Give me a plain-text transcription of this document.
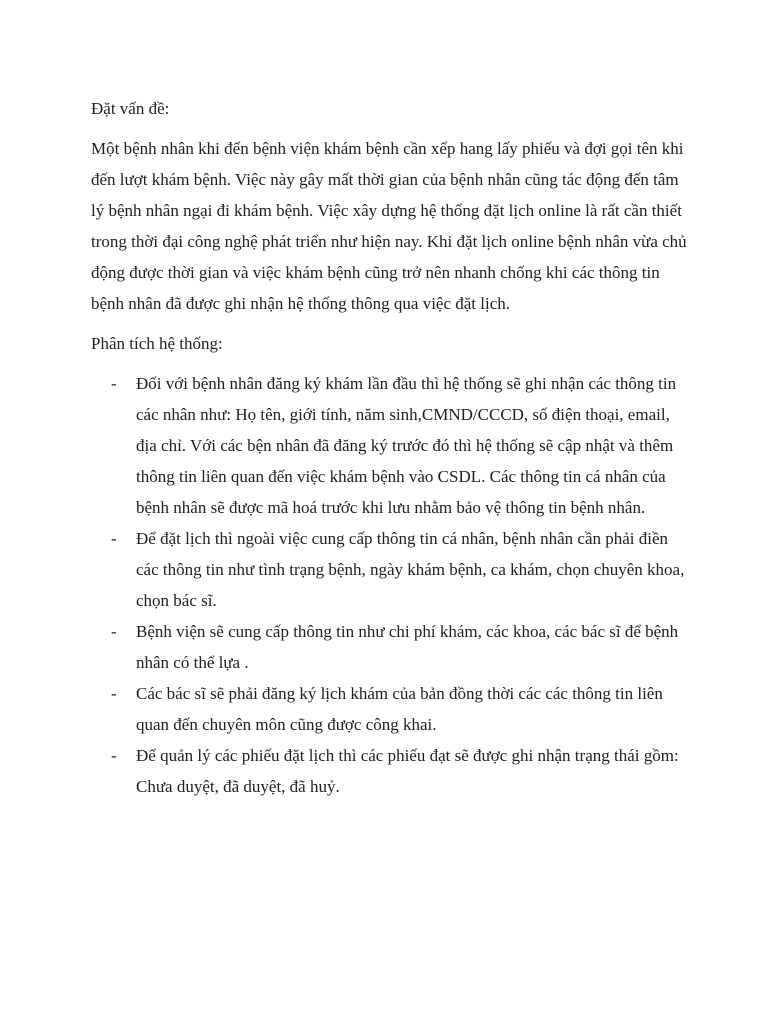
Đặt vấn đề:

Một bệnh nhân khi đến bệnh viện khám bệnh cần xếp hang lấy phiếu và đợi gọi tên khi đến lượt khám bệnh. Việc này gây mất thời gian của bệnh nhân cũng tác động đến tâm lý bệnh nhân ngại đi khám bệnh. Việc xây dựng hệ thống đặt lịch online là rất cần thiết trong thời đại công nghệ phát triển như hiện nay. Khi đặt lịch online bệnh nhân vừa chủ động được thời gian và việc khám bệnh cũng trở nên nhanh chống khi các thông tin bệnh nhân đã được ghi nhận hệ thống thông qua việc đặt lịch.

Phân tích hệ thống:

- Đối với bệnh nhân đăng ký khám lần đầu thì hệ thống sẽ ghi nhận các thông tin các nhân như: Họ tên, giới tính, năm sinh,CMND/CCCD, số điện thoại, email, địa chỉ. Với các bện nhân đã đăng ký trước đó thì hệ thống sẽ cập nhật và thêm thông tin liên quan đến việc khám bệnh vào CSDL. Các thông tin cá nhân của bệnh nhân sẽ được mã hoá trước khi lưu nhằm bảo vệ thông tin bệnh nhân.
- Để đặt lịch thì ngoài việc cung cấp thông tin cá nhân, bệnh nhân cần phải điền các thông tin như tình trạng bệnh, ngày khám bệnh, ca khám, chọn chuyên khoa, chọn bác sĩ.
- Bệnh viện sẽ cung cấp thông tin như chi phí khám, các khoa, các bác sĩ để bệnh nhân có thể lựa .
- Các bác sĩ sẽ phải đăng ký lịch khám của bản đồng thời các các thông tin liên quan đến chuyên môn cũng được công khai.
- Để quản lý các phiếu đặt lịch thì các phiếu đạt sẽ được ghi nhận trạng thái gồm: Chưa duyệt, đã duyệt, đã huỷ.
